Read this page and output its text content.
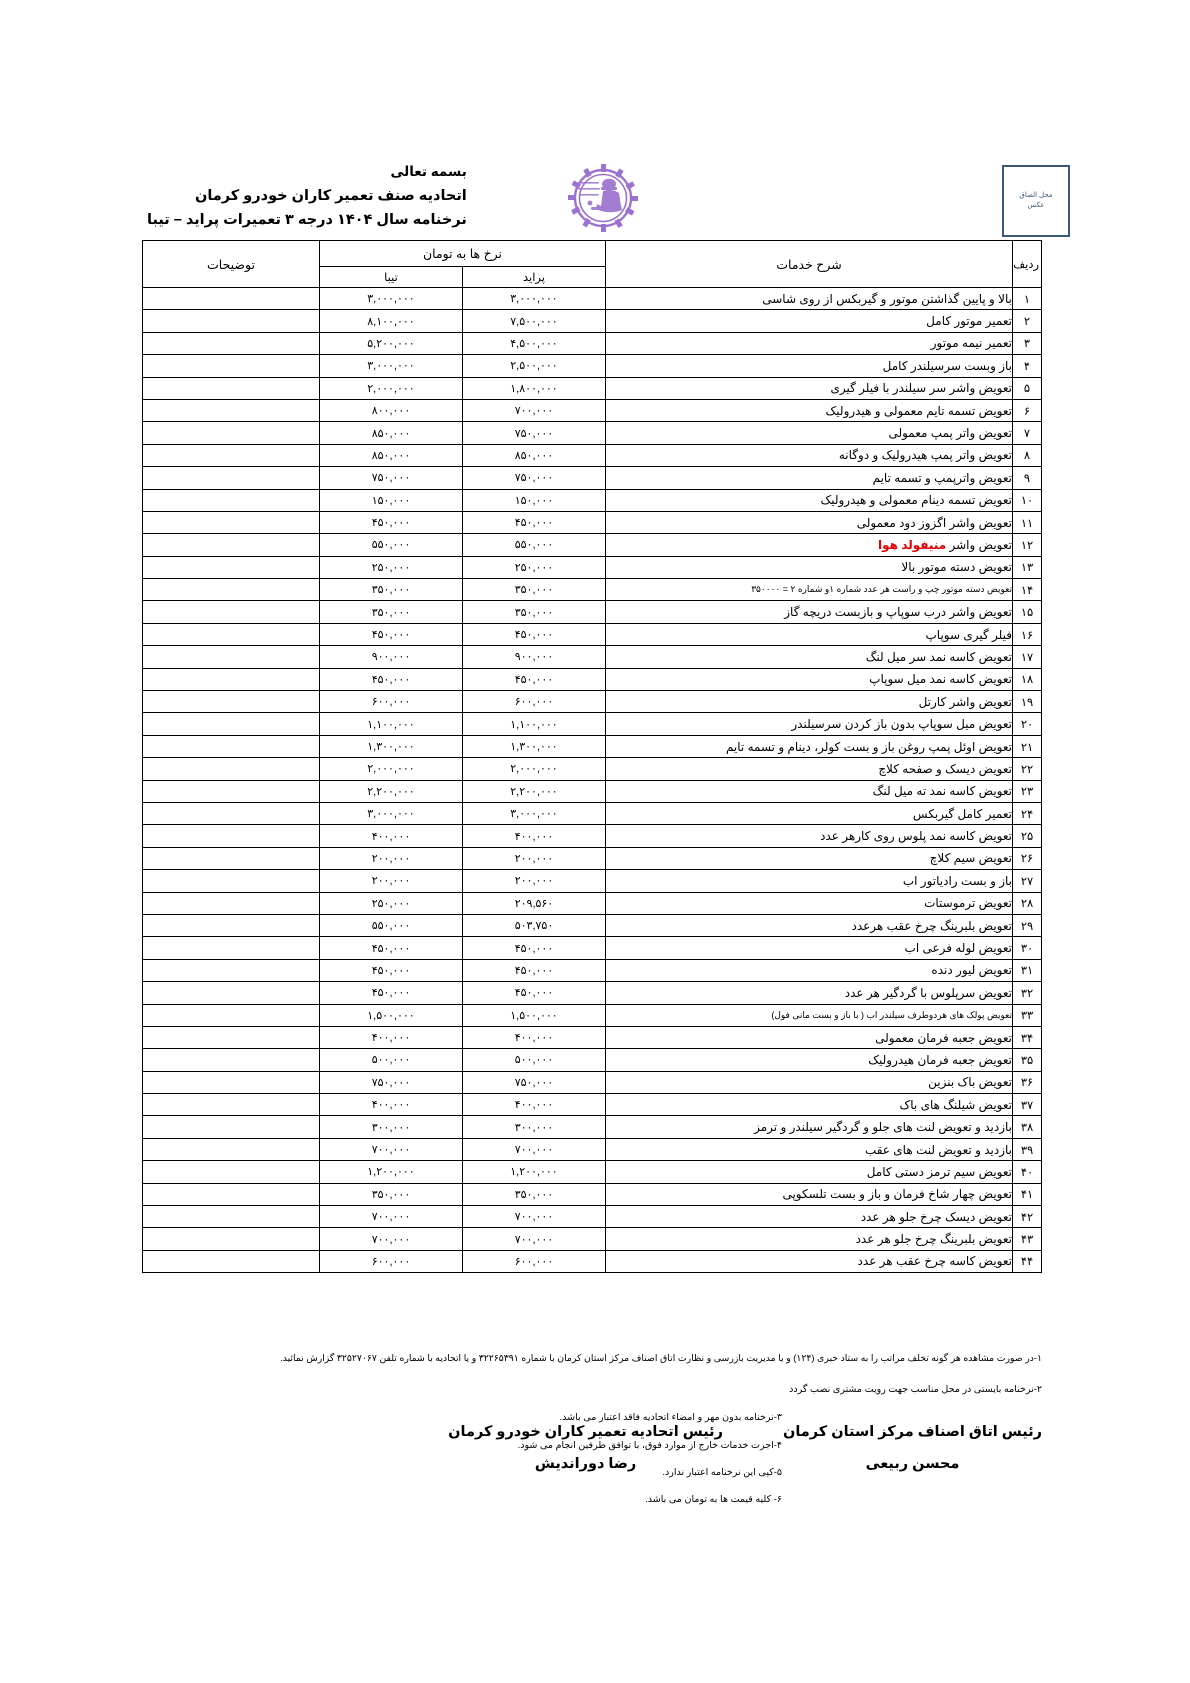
بسمه تعالی
اتحادیه صنف تعمیر کاران خودرو کرمان
نرخنامه سال ۱۴۰۴ درجه ۳ تعمیرات پراید – تیبا
محل الصاق
عکس
ردیف	شرح خدمات	نرخ ها به تومان		توضیحات

		پراید	تیبا	

۱	بالا و پایین گذاشتن موتور و گیربکس از روی شاسی	۳,۰۰۰,۰۰۰	۳,۰۰۰,۰۰۰	
۲	تعمیر موتور کامل	۷,۵۰۰,۰۰۰	۸,۱۰۰,۰۰۰	
۳	تعمیر نیمه موتور	۴,۵۰۰,۰۰۰	۵,۲۰۰,۰۰۰	
۴	باز وبست سرسیلندر کامل	۲,۵۰۰,۰۰۰	۳,۰۰۰,۰۰۰	
۵	تعویض واشر سر سیلندر با فیلر گیری	۱,۸۰۰,۰۰۰	۲,۰۰۰,۰۰۰	
۶	تعویض تسمه تایم معمولی و هیدرولیک	۷۰۰,۰۰۰	۸۰۰,۰۰۰	
۷	تعویض واتر پمپ معمولی	۷۵۰,۰۰۰	۸۵۰,۰۰۰	
۸	تعویض واتر پمپ هیدرولیک و دوگانه	۸۵۰,۰۰۰	۸۵۰,۰۰۰	
۹	تعویض واترپمپ و تسمه تایم	۷۵۰,۰۰۰	۷۵۰,۰۰۰	
۱۰	تعویض تسمه دینام معمولی و هیدرولیک	۱۵۰,۰۰۰	۱۵۰,۰۰۰	
۱۱	تعویض واشر اگزوز دود معمولی	۴۵۰,۰۰۰	۴۵۰,۰۰۰	
۱۲	تعویض واشر منیفولد هوا	۵۵۰,۰۰۰	۵۵۰,۰۰۰	
۱۳	تعویض دسته موتور بالا	۲۵۰,۰۰۰	۲۵۰,۰۰۰	
۱۴	تعویض دسته موتور چپ و راست هر عدد شماره ۱و شماره ۲ = ۳۵۰۰۰۰	۳۵۰,۰۰۰	۳۵۰,۰۰۰	
۱۵	تعویض واشر درب سوپاپ و بازبست دریچه گاز	۳۵۰,۰۰۰	۳۵۰,۰۰۰	
۱۶	فیلر گیری سوپاپ	۴۵۰,۰۰۰	۴۵۰,۰۰۰	
۱۷	تعویض کاسه نمد سر میل لنگ	۹۰۰,۰۰۰	۹۰۰,۰۰۰	
۱۸	تعویض کاسه نمد میل سوپاپ	۴۵۰,۰۰۰	۴۵۰,۰۰۰	
۱۹	تعویض واشر کارتل	۶۰۰,۰۰۰	۶۰۰,۰۰۰	
۲۰	تعویض میل سوپاپ بدون باز کردن سرسیلندر	۱,۱۰۰,۰۰۰	۱,۱۰۰,۰۰۰	
۲۱	تعویض اوئل پمپ روغن باز و بست کولر، دینام و تسمه تایم	۱,۳۰۰,۰۰۰	۱,۳۰۰,۰۰۰	
۲۲	تعویض دیسک و صفحه کلاچ	۲,۰۰۰,۰۰۰	۲,۰۰۰,۰۰۰	
۲۳	تعویض کاسه نمد ته میل لنگ	۲,۲۰۰,۰۰۰	۲,۲۰۰,۰۰۰	
۲۴	تعمیر کامل گیربکس	۳,۰۰۰,۰۰۰	۳,۰۰۰,۰۰۰	
۲۵	تعویض کاسه نمد پلوس روی کارهر عدد	۴۰۰,۰۰۰	۴۰۰,۰۰۰	
۲۶	تعویض سیم کلاچ	۲۰۰,۰۰۰	۲۰۰,۰۰۰	
۲۷	باز و بست رادیاتور اب	۲۰۰,۰۰۰	۲۰۰,۰۰۰	
۲۸	تعویض ترموستات	۲۰۹,۵۶۰	۲۵۰,۰۰۰	
۲۹	تعویض بلبرینگ چرخ عقب هرعدد	۵۰۳,۷۵۰	۵۵۰,۰۰۰	
۳۰	تعویض لوله فرعی اب	۴۵۰,۰۰۰	۴۵۰,۰۰۰	
۳۱	تعویض لیور دنده	۴۵۰,۰۰۰	۴۵۰,۰۰۰	
۳۲	تعویض سرپلوس با گردگیر هر عدد	۴۵۰,۰۰۰	۴۵۰,۰۰۰	
۳۳	تعویض پولک های هردوطرف سیلندر اب ( با باز و بست مانی فول)	۱,۵۰۰,۰۰۰	۱,۵۰۰,۰۰۰	
۳۴	تعویض جعبه فرمان معمولی	۴۰۰,۰۰۰	۴۰۰,۰۰۰	
۳۵	تعویض جعبه فرمان هیدرولیک	۵۰۰,۰۰۰	۵۰۰,۰۰۰	
۳۶	تعویض باک بنزین	۷۵۰,۰۰۰	۷۵۰,۰۰۰	
۳۷	تعویض شیلنگ های باک	۴۰۰,۰۰۰	۴۰۰,۰۰۰	
۳۸	بازدید و تعویض لنت های جلو و گردگیر سیلندر و ترمز	۳۰۰,۰۰۰	۳۰۰,۰۰۰	
۳۹	بازدید و تعویض لنت های عقب	۷۰۰,۰۰۰	۷۰۰,۰۰۰	
۴۰	تعویض سیم ترمز دستی کامل	۱,۲۰۰,۰۰۰	۱,۲۰۰,۰۰۰	
۴۱	تعویض چهار شاخ فرمان و باز و بست تلسکوپی	۳۵۰,۰۰۰	۳۵۰,۰۰۰	
۴۲	تعویض دیسک چرخ جلو هر عدد	۷۰۰,۰۰۰	۷۰۰,۰۰۰	
۴۳	تعویض بلبرینگ چرخ جلو هر عدد	۷۰۰,۰۰۰	۷۰۰,۰۰۰	
۴۴	تعویض کاسه چرخ عقب هر عدد	۶۰۰,۰۰۰	۶۰۰,۰۰۰	
۱-در صورت مشاهده هر گونه تخلف مراتب را به ستاد خبری (۱۲۴) و یا مدیریت بازرسی و نظارت اتاق اصناف مرکز استان کرمان با شماره ۳۲۲۶۵۳۹۱ و یا اتحادیه با شماره تلفن ۳۲۵۲۷۰۶۷ گزارش نمائید.
۲-نرخنامه بایستی در محل مناسب جهت رویت مشتری نصب گردد
۳-نرخنامه بدون مهر و امضاء اتحادیه فاقد اعتبار می باشد.
۴-اجرت خدمات خارج از موارد فوق، با توافق طرفین انجام می شود.
۵-کپی این نرخنامه اعتبار ندارد.
۶- کلیه قیمت ها به تومان می باشد.
رئیس اتاق اصناف مرکز استان کرمان
محسن ربیعی
رئیس اتحادیه تعمیر کاران خودرو کرمان
رضا دوراندیش
